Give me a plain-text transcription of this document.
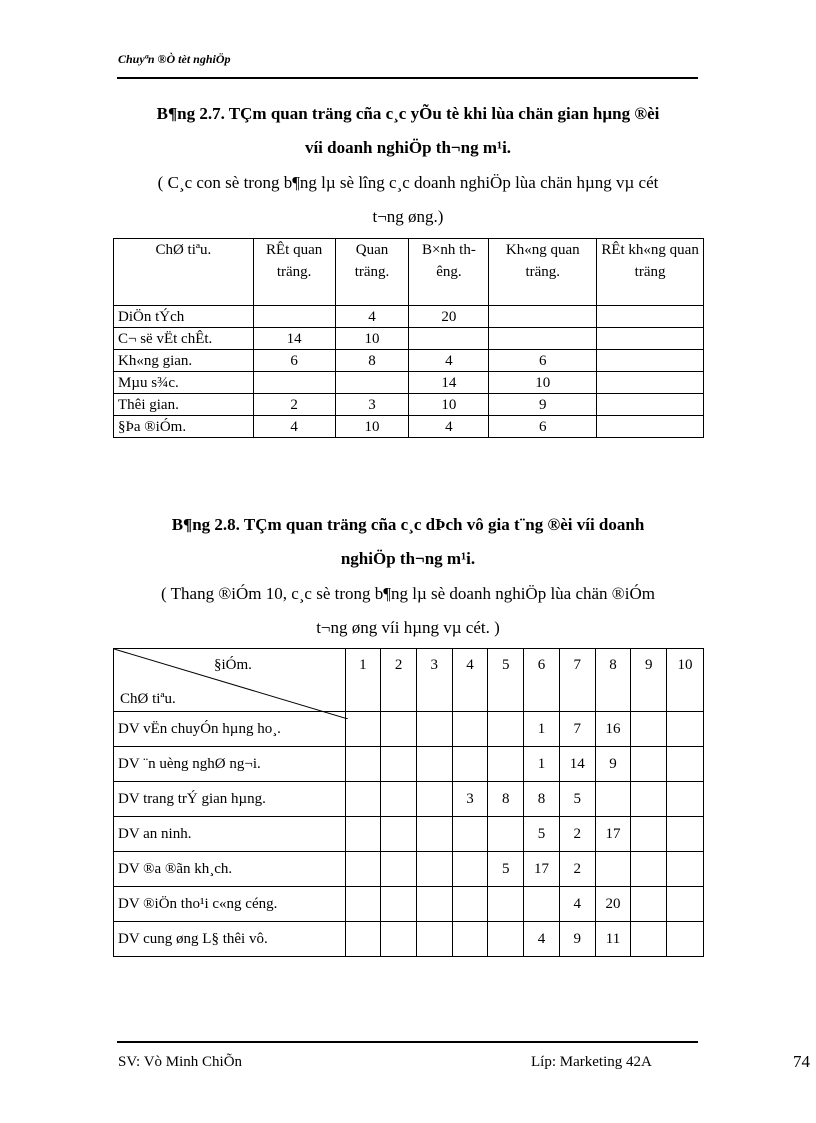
Chuyªn ®Ò tèt nghiÖp
B¶ng 2.7. TÇm quan träng cña c¸c yÕu tè khi lùa chän gian hµng ®èi
víi doanh nghiÖp th¬ng m¹i.
( C¸c con sè trong b¶ng lµ sè lîng c¸c doanh nghiÖp lùa chän hµng vµ cét
t¬ng øng.)
ChØ tiªu.	RÊt quan träng.	Quan träng.	B×nh thêng.	Kh«ng quan träng.	RÊt kh«ng quan träng
DiÖn tÝch		4	20		
C¬ së vËt chÊt.	14	10			
Kh«ng gian.	6	8	4	6	
Mµu s¾c.			14	10	
Thêi gian.	2	3	10	9	
§Þa ®iÓm.	4	10	4	6	
B¶ng 2.8. TÇm quan träng cña c¸c dÞch vô gia t¨ng ®èi víi doanh
nghiÖp th¬ng m¹i.
( Thang ®iÓm 10, c¸c sè trong b¶ng lµ sè doanh nghiÖp lùa chän ®iÓm
t¬ng øng víi hµng vµ cét. )
§iÓm.
ChØ tiªu.	1	2	3	4	5	6	7	8	9	10
DV vËn chuyÓn hµng ho¸.						1	7	16		
DV ¨n uèng nghØ ng¬i.						1	14	9		
DV trang trÝ gian hµng.				3	8	8	5			
DV an ninh.						5	2	17		
DV ®a ®ãn kh¸ch.					5	17	2			
DV ®iÖn tho¹i c«ng céng.							4	20		
DV cung øng L§ thêi vô.						4	9	11		
SV: Vò Minh ChiÕn	Líp: Marketing 42A	74
